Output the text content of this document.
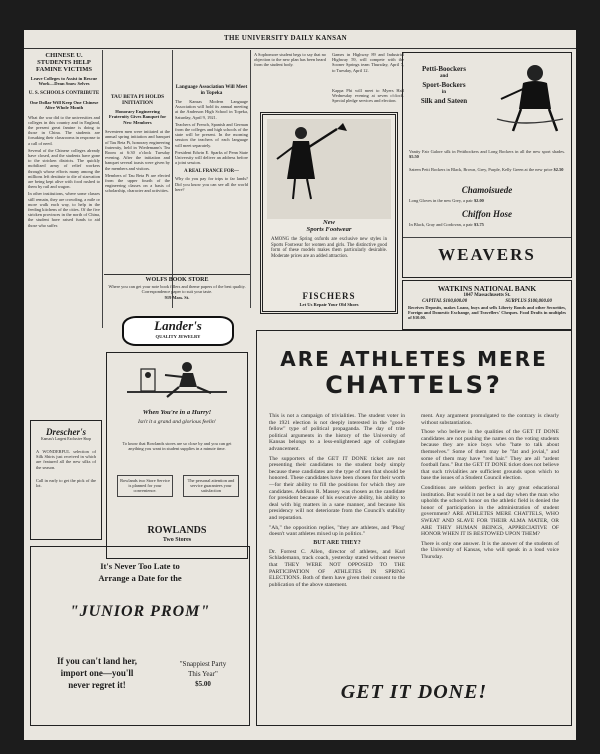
THE UNIVERSITY DAILY KANSAN
CHINESE U. STUDENTS HELP FAMINE VICTIMS
Leave Colleges to Assist in Rescue Work—Dean Snow Selves
U. S. SCHOOLS CONTRIBUTE
One Dollar Will Keep One Chinese Alive Whole Month
What the war did to the universities and colleges in this country and in England, the present great famine is doing to those in China. The students are forsaking their classrooms in response to a call of need.
Several of the Chinese colleges already have closed, and the students have gone to the stricken districts. The quickly mobilized army of relief workers through whose efforts many among the millions left destitute to die of starvation are being kept alive with food rushed to them by rail and wagon.
In other institutions, where some classes still remain, they are crowding, a mile or more walk each way, to help in the feeding kitchens of the cities. Of the five stricken provinces in the north of China, the student have raised funds to aid those who suffer.
TAU BETA PI HOLDS INITIATION
Honorary Engineering Fraternity Gives Banquet for New Members
Seventeen men were initiated at the annual spring initiation and banquet of Tau Beta Pi, honorary engineering fraternity, held in Wiedemann's Tea Room at 6:30 o'clock Tuesday evening. After the initiation and banquet several toasts were given by the members and visitors.
Members of Tau Beta Pi are elected from the upper fourth of the engineering classes on a basis of scholarship, character and activities.
WOLFS BOOK STORE
Where you can get your note book fillers and theme papers of the best quality. Correspondence paper to suit your taste.
919 Mass. St.
Language Association Will Meet in Topeka
The Kansas Modern Language Association will hold its annual meeting at the Anderson High School in Topeka, Saturday, April 9, 1921.
Teachers of French, Spanish and German from the colleges and high schools of the state will be present. In the morning session the teachers of each language will meet separately.
President Edwin E. Sparks of Penn State University will deliver an address before a joint session.
A REAL FRANCE FOR—
Why do you pay for trips to far lands? Did you know you can see all the world here?
A Sophomore student begs to say that no objection to the new plan has been heard from the student body.
Games in Highway 89 and Industrial Highway 59, will compete with the Sooner Springs team Thursday, April 7, to Tuesday, April 12.
Kappa Phi will meet to Myers Hall Wednesday evening at seven o'clock. Special pledge services and election.
New
Sports Footwear
AMONG the Spring oxfords are exclusive new styles in Sports Footwear for women and girls. The distinctive good form of these models makes them particularly desirable. Moderate prices are an added attraction.
FISCHERS
Let Us Repair Your Old Shoes
Petti-Boockers
and
Sport-Bockers
in
Silk and Sateen
Vanity Fair Galore silk in Pettibockers and Long Bockers in all the new sport shades. $5.50
Sateen Petti Bockers in Black, Brown, Grey, Purple, Kelly Green at the new price $2.50
Chamoisuede
Long Gloves in the new Grey, a pair $2.00
Chiffon Hose
In Black, Gray and Cordovan, a pair $3.75
WEAVERS
WATKINS NATIONAL BANK
1047 Massachusetts St.
CAPITAL $100,000.00	SURPLUS $100,000.00
Receives Deposits, makes Loans, buys and sells Liberty Bonds and other Securities, Foreign and Domestic Exchange, and Travellers' Cheques. Food Drafts in multiples of $10.00.
Lander's
QUALITY JEWELRY
When You're in a Hurry!
Isn't it a grand and glorious feelin'
To know that Rowlands stores are so close by and you can get anything you want in student supplies in a minute time.
Rowlands two Store Service is planned for your convenience.
The personal attention and service guarantees your satisfaction
ROWLANDS
Two Stores
Drescher's
Kansas's Largest Exclusive Shop
A WONDERFUL selection of Silk Shirts just received in which are featured all the new silks of the season.
Call in early to get the pick of the lot.
It's Never Too Late to
Arrange a Date for the
"JUNIOR PROM"
If you can't land her,
import one—you'll
never regret it!
"Snappiest Party
This Year"
$5.00
ARE ATHLETES MERE
CHATTELS?
This is not a campaign of trivialities. The student voter in the 1921 election is not deeply interested in the "good-fellow" type of political propaganda. The day of trite political arguments in the history of the University of Kansas belongs to a less-enlightened age of collegiate advancement.
The supporters of the GET IT DONE ticket are not presenting their candidates to the student body simply because these candidates are the type of men that should be honored. These candidates have been chosen for their worth—for their ability to fill the positions for which they are candidates. Addison R. Massey was chosen as the candidate for president because of his executive ability, his ability to deal with big matters in a sane manner, and because his presidency will not deteriorate from the Council's stability and reputation.
"Ah," the opposition replies, "they are athletes, and 'Phog' doesn't want athletes mixed up in politics."
BUT ARE THEY?
Dr. Forrest C. Allen, director of athletes, and Karl Schlademann, track coach, yesterday stated without reserve that THEY WERE NOT OPPOSED TO THE PARTICIPATION OF ATHLETES IN SPRING ELECTIONS. Both of them have given their consent to the publication of the above statement.
ment. Any argument promulgated to the contrary is clearly without substantiation.
Those who believe in the qualities of the GET IT DONE candidates are not pushing the names on the voting students because they are nice boys who "hate to talk about themselves." Some of them may be "fat and jovial," and some of them may have "red hair." They are all "ardent football fans." But the GET IT DONE ticket does not believe that such trivialities are sufficient grounds upon which to base the issues of a Student Council election.
Conditions are seldom perfect in any great educational institution. But would it not be a sad day when the man who upholds the school's honor on the athletic field is denied the honor of participation in the administration of student government? ARE ATHLETES MERE CHATTELS, WHO SWEAT AND SLAVE FOR THEIR ALMA MATER, OR ARE THEY HUMAN BEINGS, APPRECIATIVE OF HONOR WHEN IT IS BESTOWED UPON THEM?
There is only one answer. It is the answer of the students of the University of Kansas, who will speak in a loud voice Thursday.
GET IT DONE!
